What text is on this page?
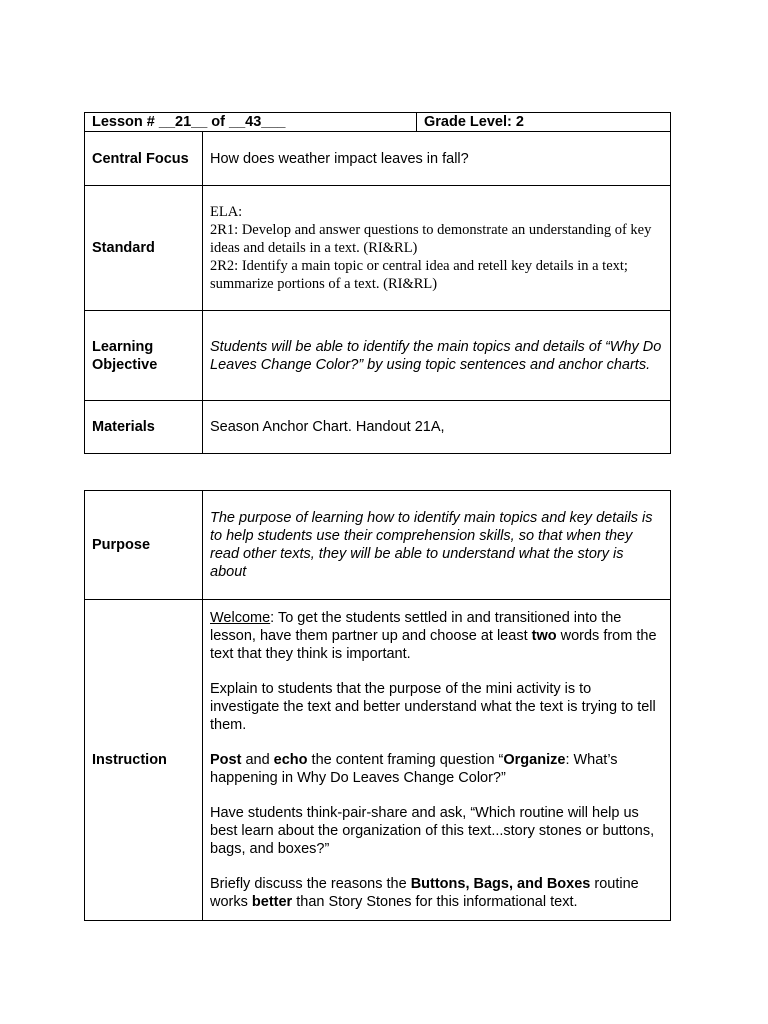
Lesson # __21__ of __43___		Grade Level: 2
Central Focus	How does weather impact leaves in fall?	
Standard	ELA:

2R1: Develop and answer questions to demonstrate an understanding of key ideas and details in a text. (RI&RL)

2R2: Identify a main topic or central idea and retell key details in a text; summarize portions of a text. (RI&RL)	

Learning
Objective	Students will be able to identify the main topics and details of “Why Do Leaves Change Color?” by using topic sentences and anchor charts.	
Materials	Season Anchor Chart. Handout 21A,	
Purpose	The purpose of learning how to identify main topics and key details is to help students use their comprehension skills, so that when they read other texts, they will be able to understand what the story is about
Instruction	Welcome: To get the students settled in and transitioned into the lesson, have them partner up and choose at least two words from the text that they think is important.

Explain to students that the purpose of the mini activity is to investigate the text and better understand what the text is trying to tell them.

Post and echo the content framing question “Organize: What’s happening in Why Do Leaves Change Color?”

Have students think-pair-share and ask, “Which routine will help us best learn about the organization of this text...story stones or buttons, bags, and boxes?”

Briefly discuss the reasons the Buttons, Bags, and Boxes routine works better than Story Stones for this informational text.
